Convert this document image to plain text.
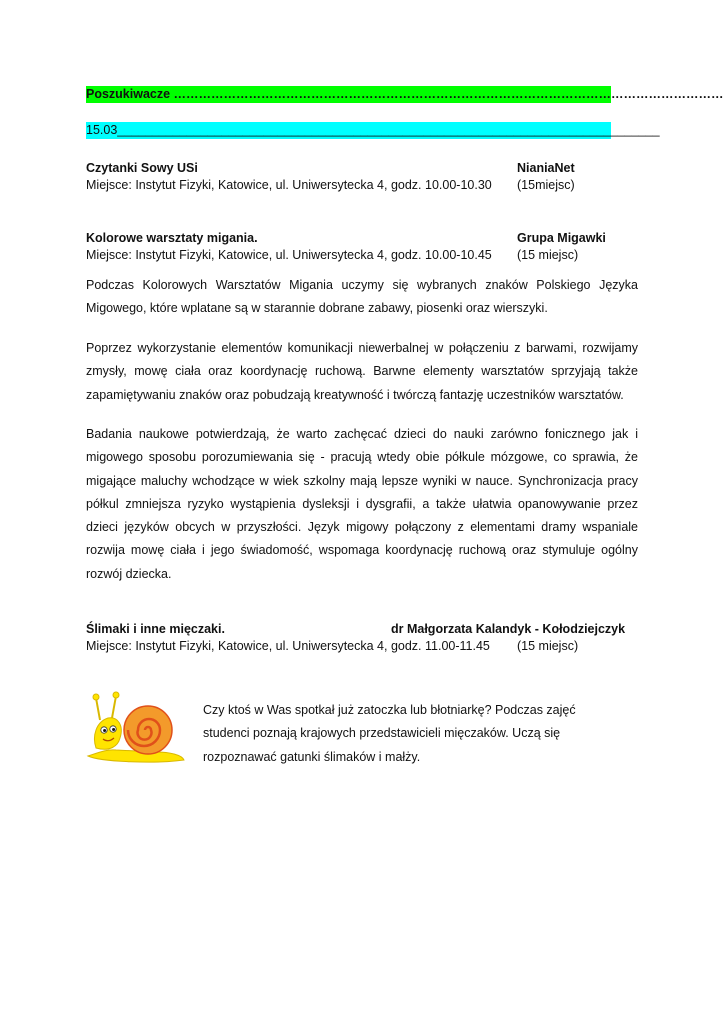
Poszukiwacze ……………………………………………………………………………………………………………………
15.03______________________________________________________________________________
Czytanki Sowy USi	NianiaNet
Miejsce: Instytut Fizyki, Katowice, ul. Uniwersytecka 4, godz. 10.00-10.30 (15miejsc)
Kolorowe warsztaty migania.	Grupa Migawki
Miejsce: Instytut Fizyki, Katowice, ul. Uniwersytecka 4, godz. 10.00-10.45 (15 miejsc)

Podczas Kolorowych Warsztatów Migania uczymy się wybranych znaków Polskiego Języka Migowego, które wplatane są w starannie dobrane zabawy, piosenki oraz wierszyki.

Poprzez wykorzystanie elementów komunikacji niewerbalnej w połączeniu z barwami, rozwijamy zmysły, mowę ciała oraz koordynację ruchową. Barwne elementy warsztatów sprzyjają także zapamiętywaniu znaków oraz pobudzają kreatywność i twórczą fantazję uczestników warsztatów.

Badania naukowe potwierdzają, że warto zachęcać dzieci do nauki zarówno fonicznego jak i migowego sposobu porozumiewania się - pracują wtedy obie półkule mózgowe, co sprawia, że migające maluchy wchodzące w wiek szkolny mają lepsze wyniki w nauce. Synchronizacja pracy półkul zmniejsza ryzyko wystąpienia dysleksji i dysgrafii, a także ułatwia opanowywanie przez dzieci języków obcych w przyszłości. Język migowy połączony z elementami dramy wspaniale rozwija mowę ciała i jego świadomość, wspomaga koordynację ruchową oraz stymuluje ogólny rozwój dziecka.

Ślimaki i inne mięczaki.	dr Małgorzata Kalandyk - Kołodziejczyk
Miejsce: Instytut Fizyki, Katowice, ul. Uniwersytecka 4, godz. 11.00-11.45 (15 miejsc)

Czy ktoś w Was spotkał już zatoczka lub błotniarkę? Podczas zajęć studenci poznają krajowych przedstawicieli mięczaków. Uczą się rozpoznawać gatunki ślimaków i małży.
